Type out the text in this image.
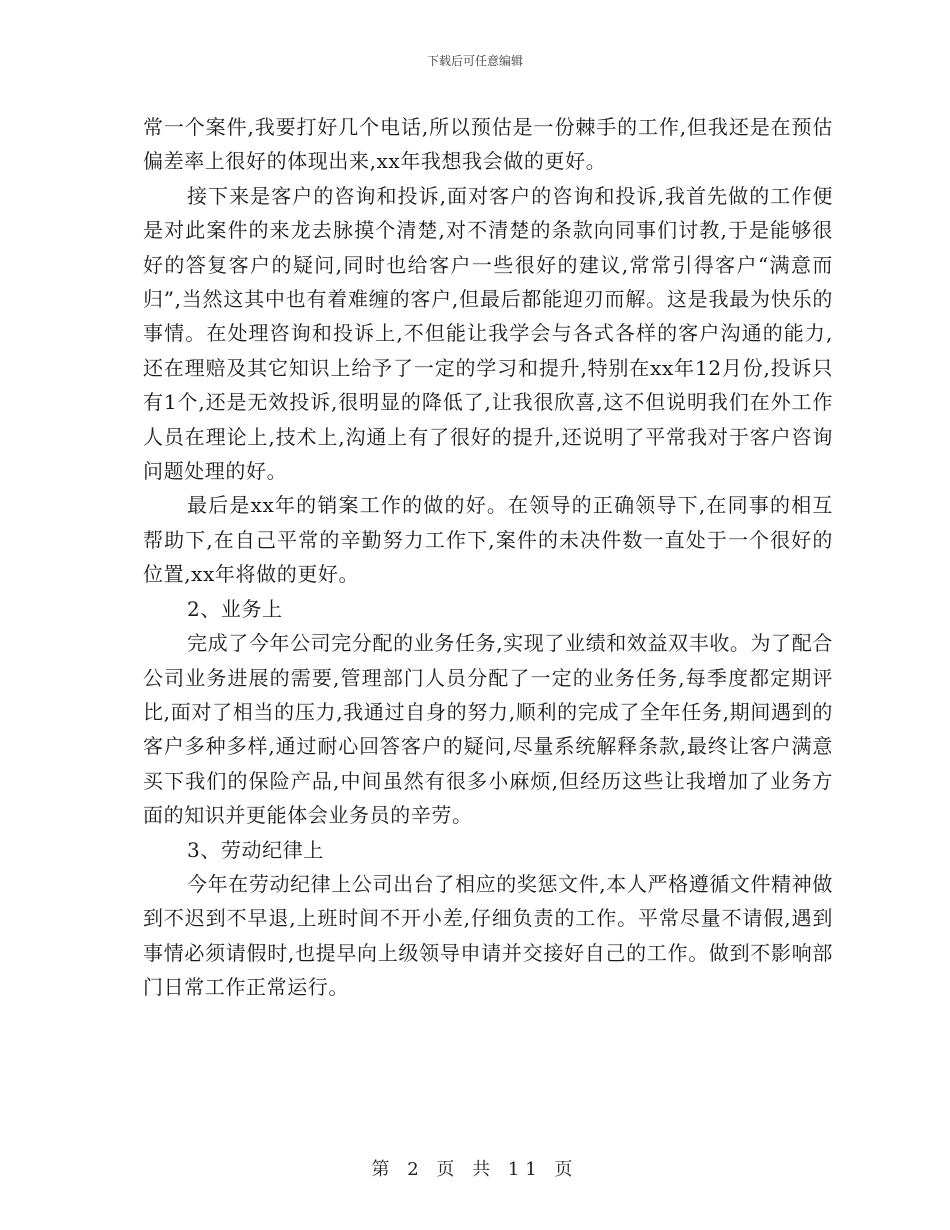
下载后可任意编辑

常一个案件,我要打好几个电话,所以预估是一份棘手的工作,但我还是在预估偏差率上很好的体现出来,xx年我想我会做的更好。

接下来是客户的咨询和投诉,面对客户的咨询和投诉,我首先做的工作便是对此案件的来龙去脉摸个清楚,对不清楚的条款向同事们讨教,于是能够很好的答复客户的疑问,同时也给客户一些很好的建议,常常引得客户“满意而归”,当然这其中也有着难缠的客户,但最后都能迎刃而解。这是我最为快乐的事情。在处理咨询和投诉上,不但能让我学会与各式各样的客户沟通的能力,还在理赔及其它知识上给予了一定的学习和提升,特别在xx年12月份,投诉只有1个,还是无效投诉,很明显的降低了,让我很欣喜,这不但说明我们在外工作人员在理论上,技术上,沟通上有了很好的提升,还说明了平常我对于客户咨询问题处理的好。

最后是xx年的销案工作的做的好。在领导的正确领导下,在同事的相互帮助下,在自己平常的辛勤努力工作下,案件的未决件数一直处于一个很好的位置,xx年将做的更好。

2、业务上

完成了今年公司完分配的业务任务,实现了业绩和效益双丰收。为了配合公司业务进展的需要,管理部门人员分配了一定的业务任务,每季度都定期评比,面对了相当的压力,我通过自身的努力,顺利的完成了全年任务,期间遇到的客户多种多样,通过耐心回答客户的疑问,尽量系统解释条款,最终让客户满意买下我们的保险产品,中间虽然有很多小麻烦,但经历这些让我增加了业务方面的知识并更能体会业务员的辛劳。

3、劳动纪律上

今年在劳动纪律上公司出台了相应的奖惩文件,本人严格遵循文件精神做到不迟到不早退,上班时间不开小差,仔细负责的工作。平常尽量不请假,遇到事情必须请假时,也提早向上级领导申请并交接好自己的工作。做到不影响部门日常工作正常运行。

第 2 页 共 11 页
